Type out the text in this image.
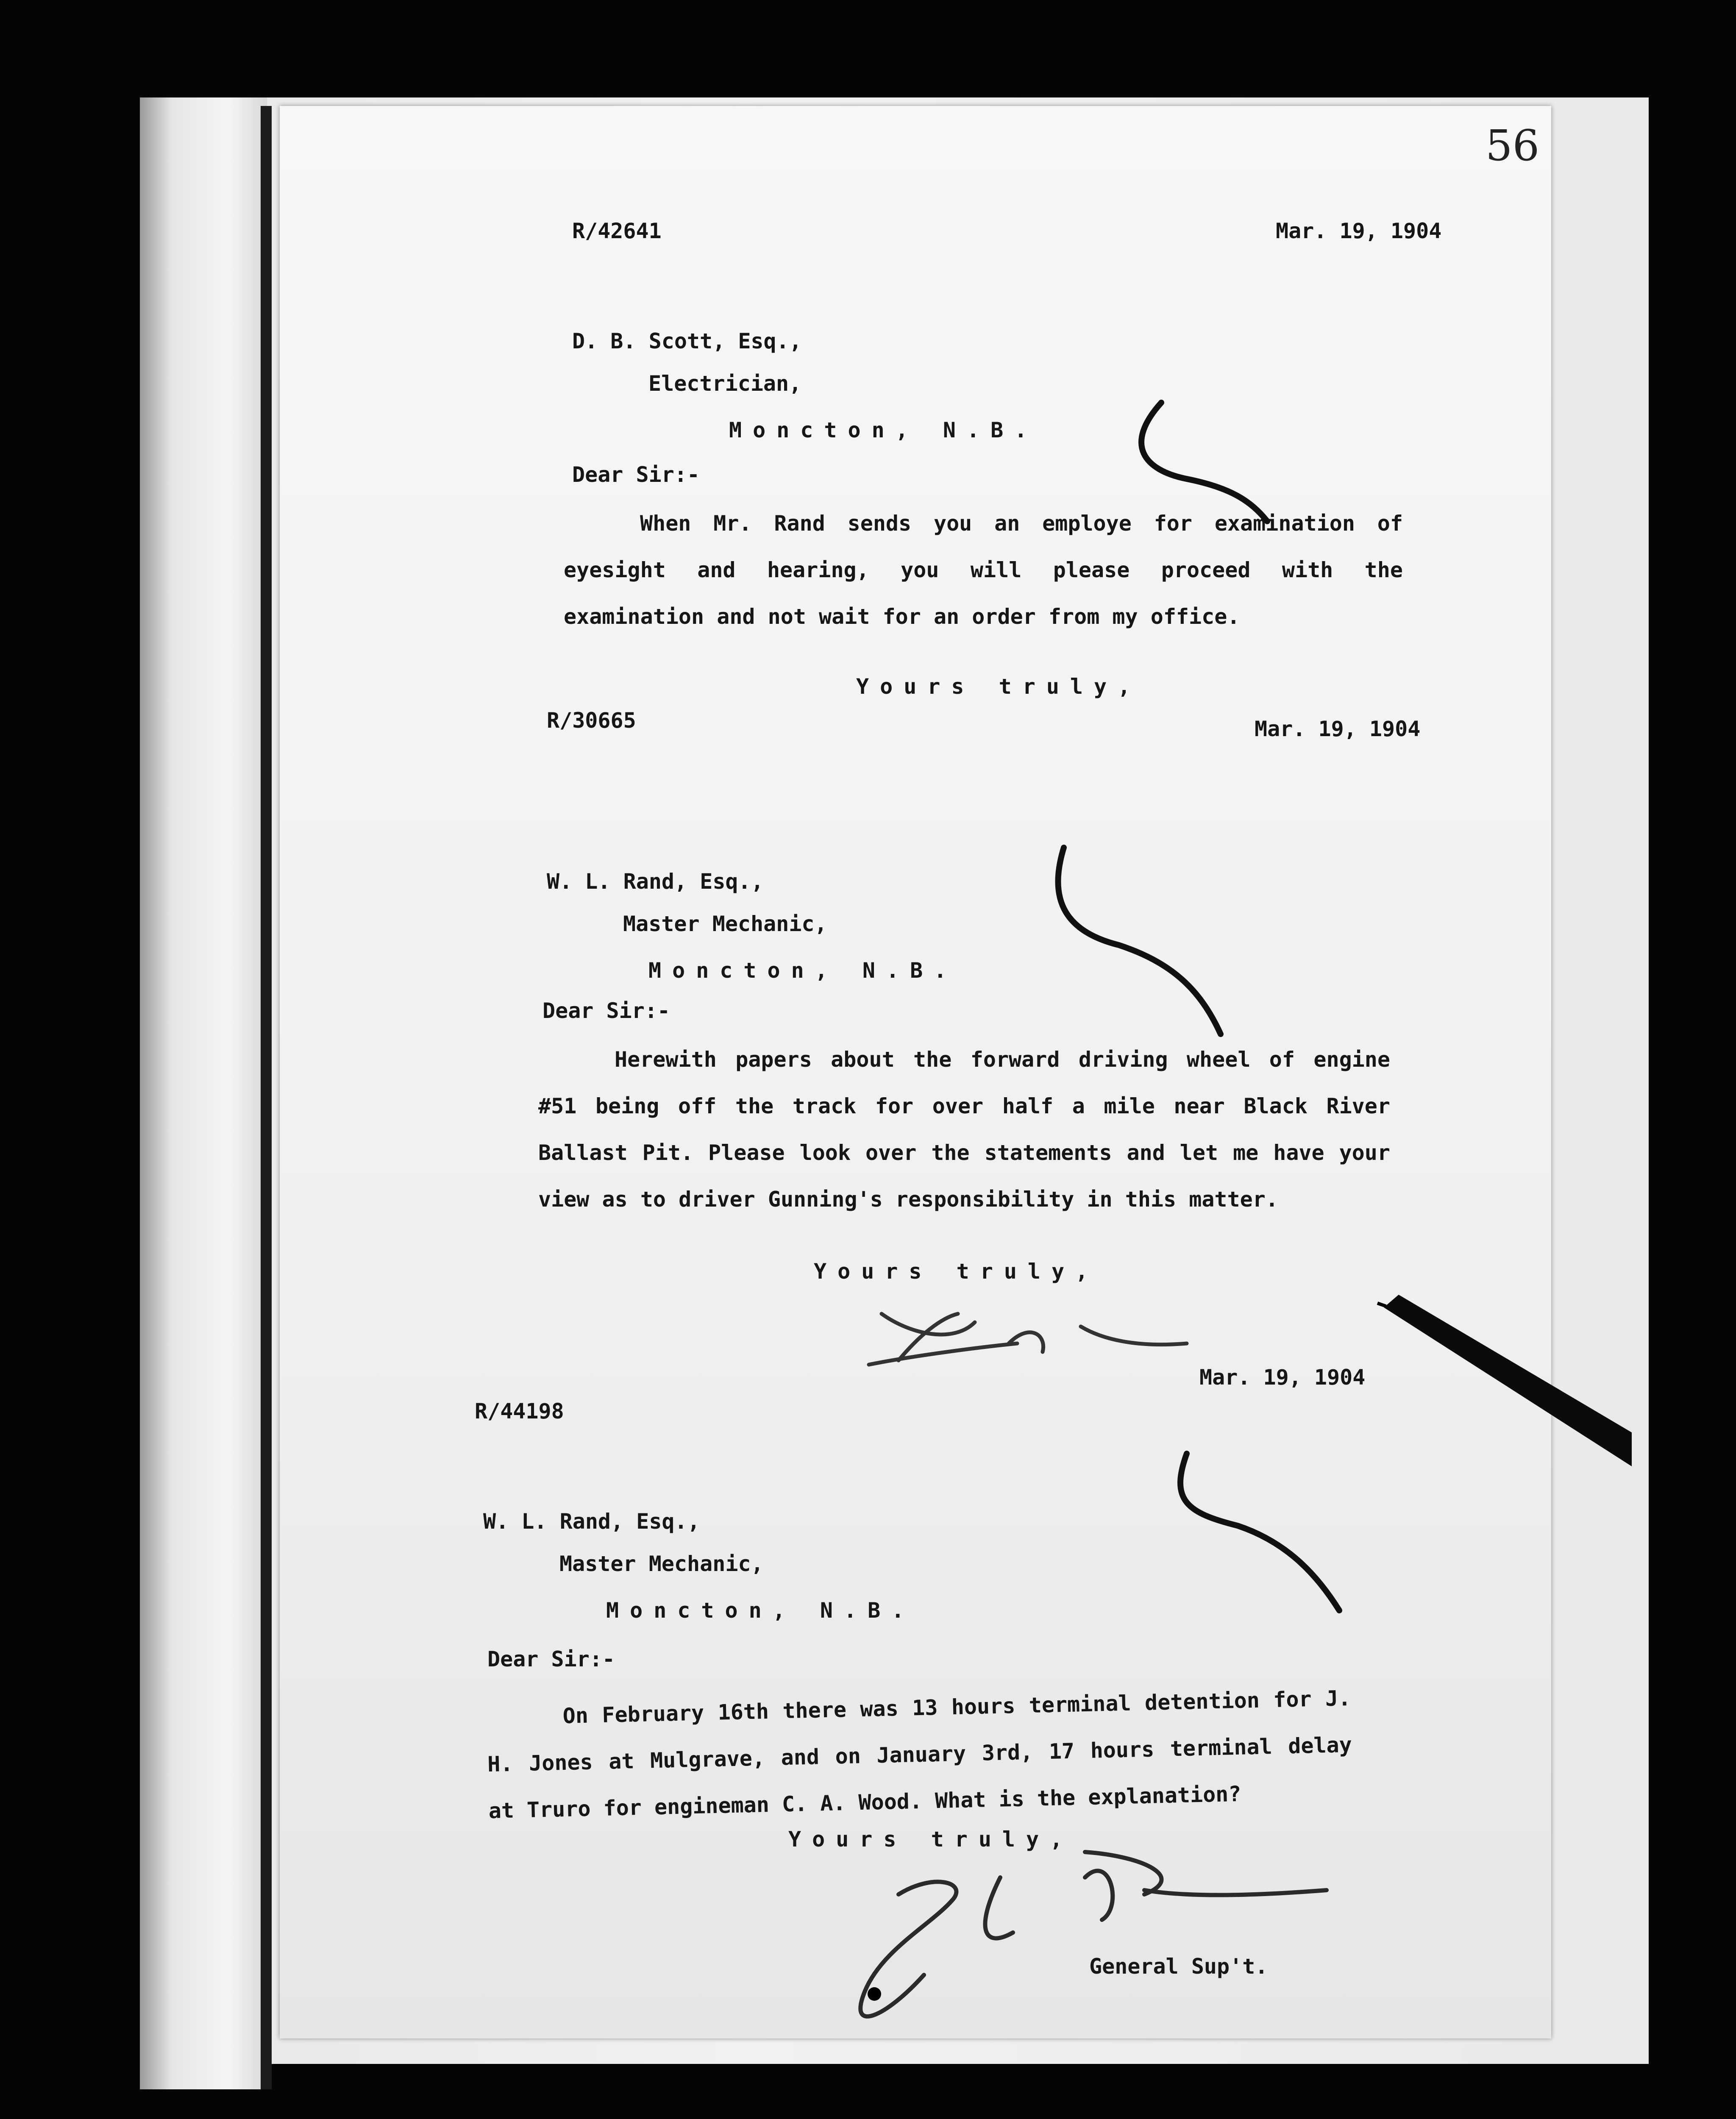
56
R/42641	Mar. 19, 1904
D. B. Scott, Esq.,
Electrician,
Moncton, N.B.
Dear Sir:-
When Mr. Rand sends you an employe for examination of eyesight and hearing, you will please proceed with the examination and not wait for an order from my office.
Yours truly,
R/30665	Mar. 19, 1904
W. L. Rand, Esq.,
Master Mechanic,
Moncton, N.B.
Dear Sir:-
Herewith papers about the forward driving wheel of engine #51 being off the track for over half a mile near Black River Ballast Pit. Please look over the statements and let me have your view as to driver Gunning's responsibility in this matter.
Yours truly,
R/44198
Mar. 19, 1904
W. L. Rand, Esq.,
Master Mechanic,
Moncton, N.B.
Dear Sir:-
On February 16th there was 13 hours terminal detention for J. H. Jones at Mulgrave, and on January 3rd, 17 hours terminal delay at Truro for engineman C. A. Wood. What is the explanation?
Yours truly,
General Sup't.
